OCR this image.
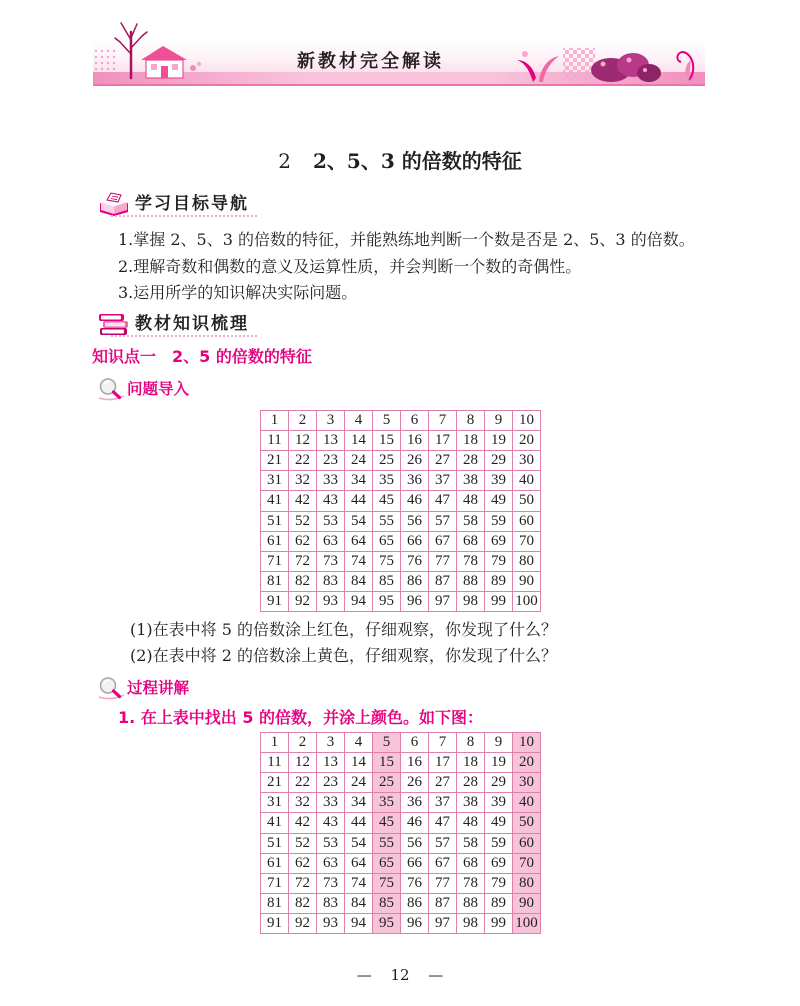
新教材完全解读
2 2、5、3 的倍数的特征
学习目标导航
1.掌握 2、5、3 的倍数的特征，并能熟练地判断一个数是否是 2、5、3 的倍数。
2.理解奇数和偶数的意义及运算性质，并会判断一个数的奇偶性。
3.运用所学的知识解决实际问题。
教材知识梳理
知识点一　2、5 的倍数的特征
问题导入
1	2	3	4	5	6	7	8	9	10
11 12 13 14 15 16 17 18 19 20
21 22 23 24 25 26 27 28 29 30
31 32 33 34 35 36 37 38 39 40
41 42 43 44 45 46 47 48 49 50
51 52 53 54 55 56 57 58 59 60
61 62 63 64 65 66 67 68 69 70
71 72 73 74 75 76 77 78 79 80
81 82 83 84 85 86 87 88 89 90
91 92 93 94 95 96 97 98 99 100
(1)在表中将 5 的倍数涂上红色，仔细观察，你发现了什么？
(2)在表中将 2 的倍数涂上黄色，仔细观察，你发现了什么？
过程讲解
1. 在上表中找出 5 的倍数，并涂上颜色。如下图：
1	2	3	4	5	6	7	8	9	10
11 12 13 14 15 16 17 18 19 20
21 22 23 24 25 26 27 28 29 30
31 32 33 34 35 36 37 38 39 40
41 42 43 44 45 46 47 48 49 50
51 52 53 54 55 56 57 58 59 60
61 62 63 64 65 66 67 68 69 70
71 72 73 74 75 76 77 78 79 80
81 82 83 84 85 86 87 88 89 90
91 92 93 94 95 96 97 98 99 100
— 12 —
